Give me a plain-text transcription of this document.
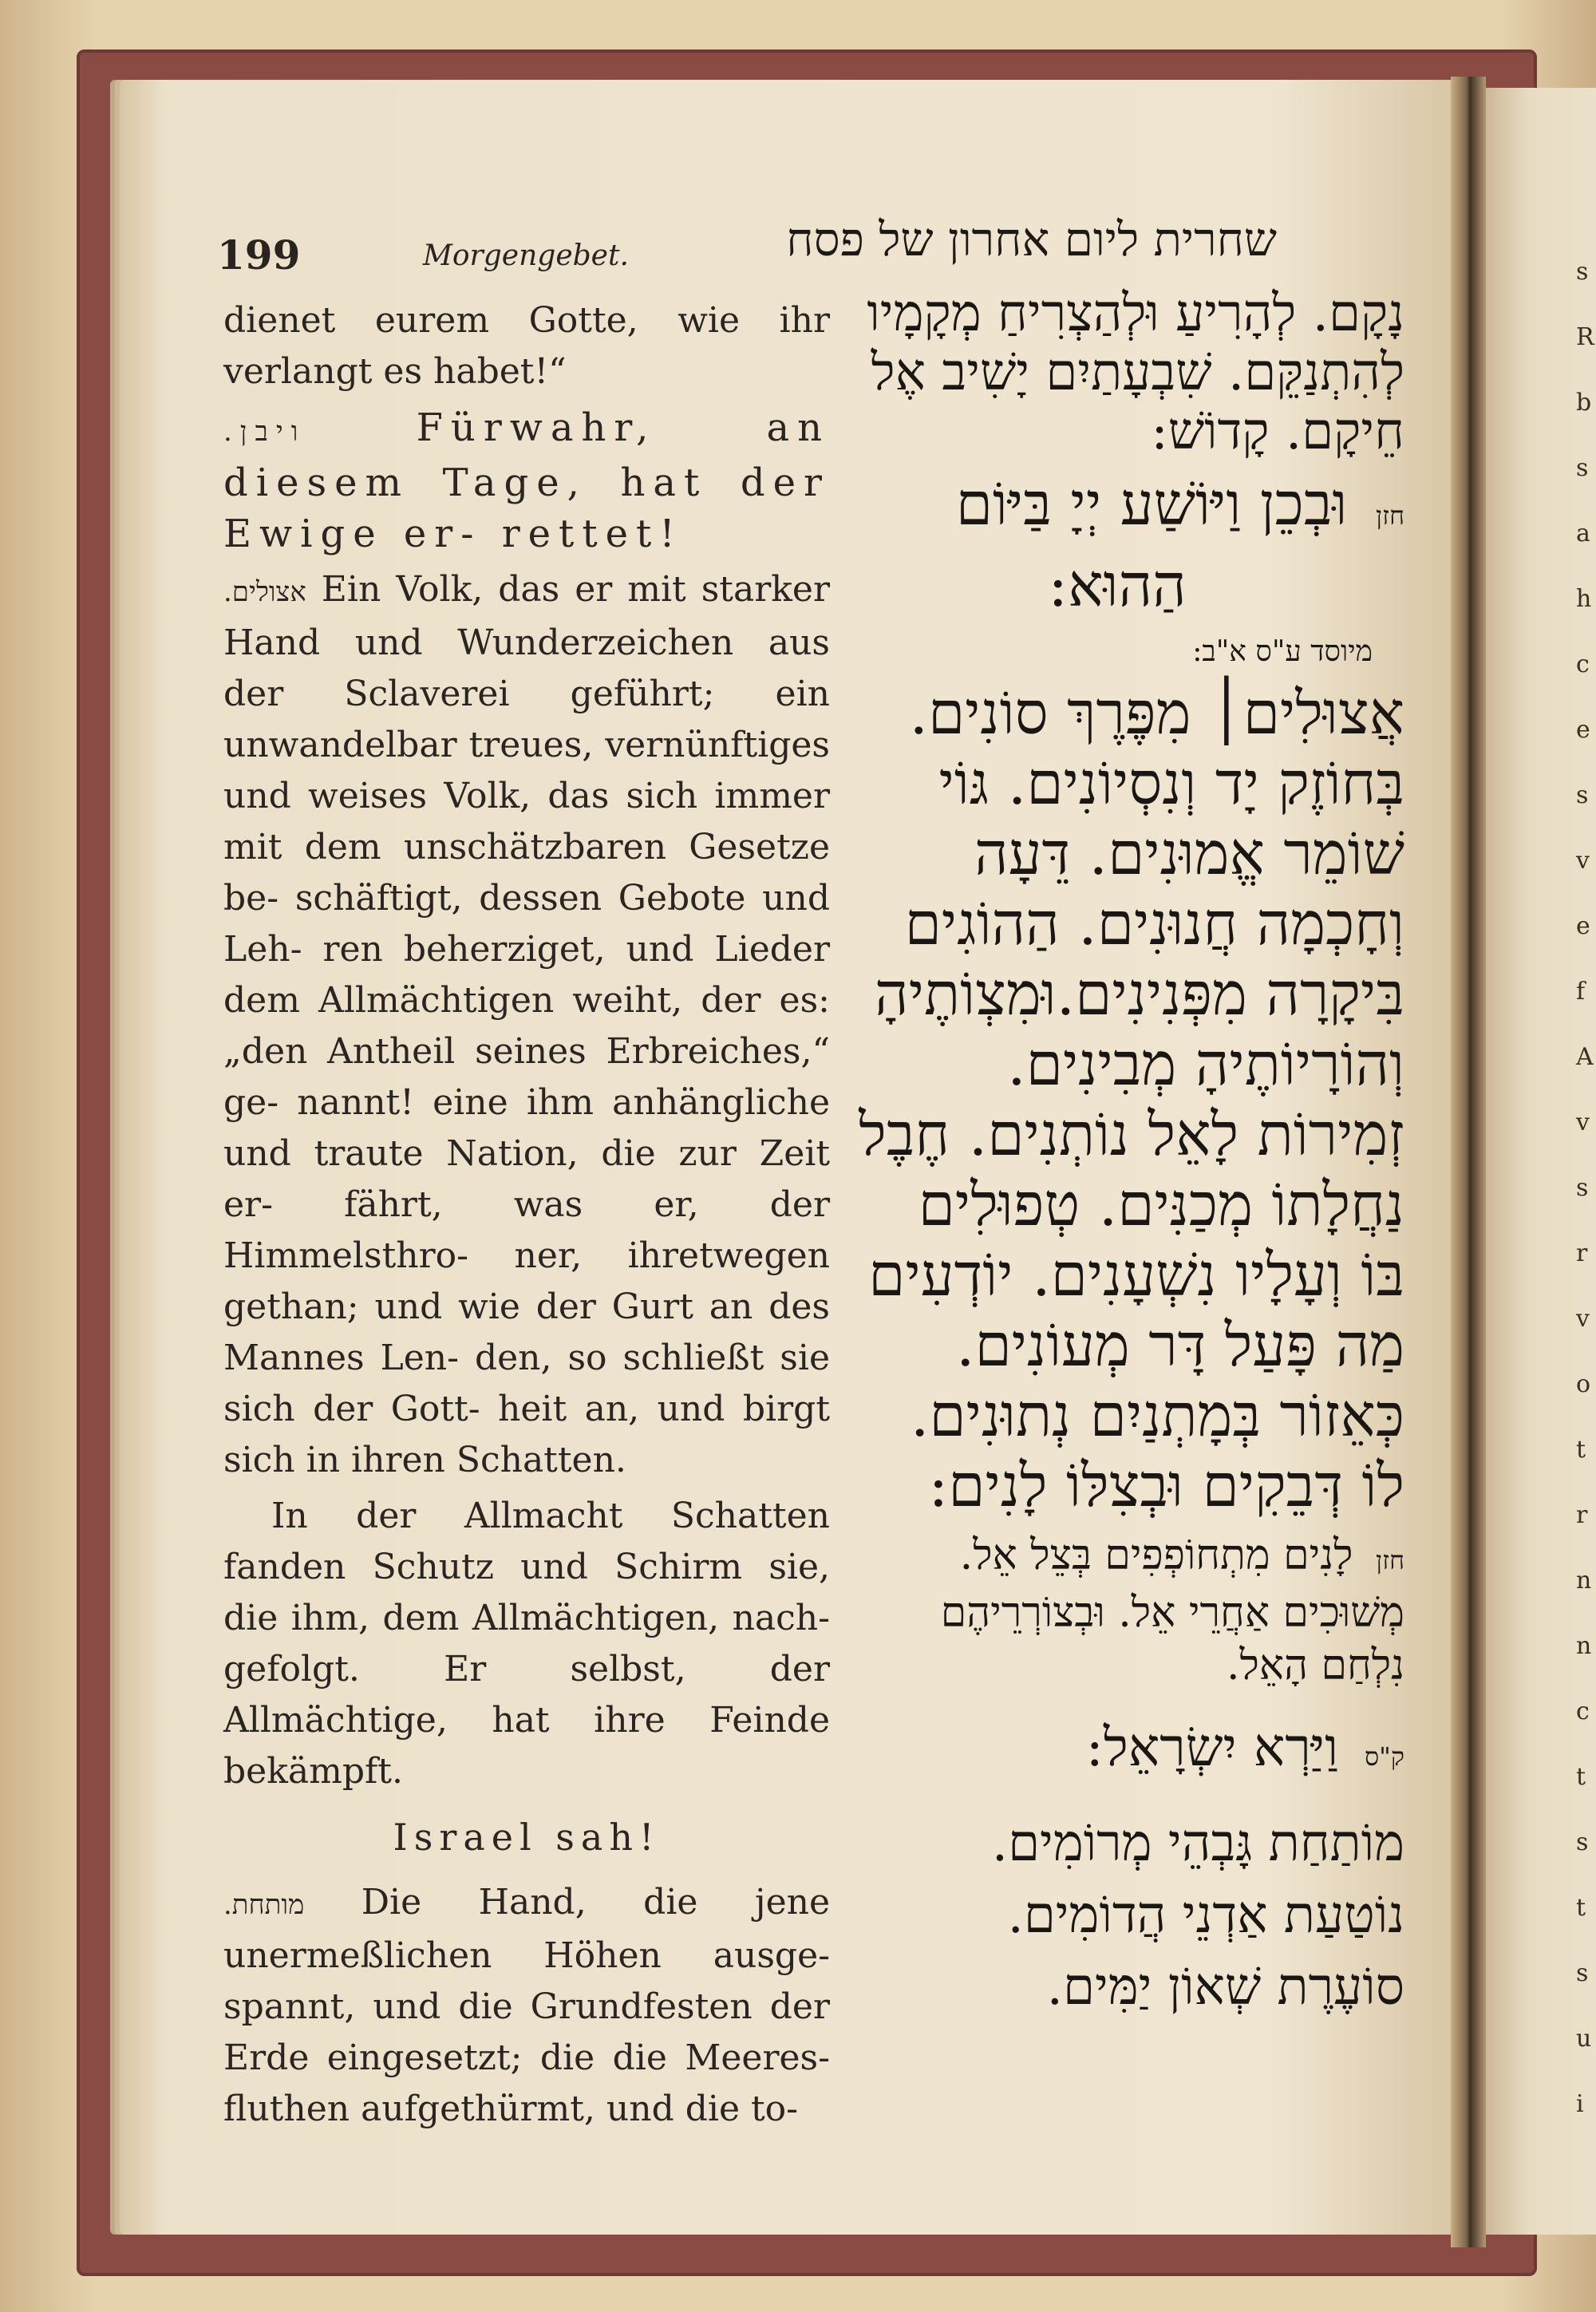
s
R
b
s
a
h
c
e
s
v
e
f
A
v
s
r
v
o
t
r
n
n
c
t
s
t
s
u
i
199	Morgengebet.	שחרית ליום אחרון של פסח

dienet eurem Gotte, wie ihr verlangt es habet!“

ויבן.	Fürwahr, an diesem Tage, hat der Ewige er- rettet!

אצולים. Ein Volk, das er mit starker Hand und Wunderzeichen aus der Sclaverei geführt; ein unwandelbar treues, vernünftiges und weises Volk, das sich immer mit dem unschätzbaren Gesetze be- schäftigt, dessen Gebote und Leh- ren beherziget, und Lieder dem Allmächtigen weiht, der es: „den Antheil seines Erbreiches,“ ge- nannt! eine ihm anhängliche und traute Nation, die zur Zeit er- fährt, was er, der Himmelsthro- ner, ihretwegen gethan; und wie der Gurt an des Mannes Len- den, so schließt sie sich der Gott- heit an, und birgt sich in ihren Schatten.

In der Allmacht Schatten fanden Schutz und Schirm sie, die ihm, dem Allmächtigen, nach- gefolgt. Er selbst, der Allmächtige, hat ihre Feinde bekämpft.

Israel sah!

מותחת. Die Hand, die jene unermeßlichen Höhen ausge- spannt, und die Grundfesten der Erde eingesetzt; die die Meeres- fluthen aufgethürmt, und die to-

נָקָם. לְהָרִיעַ וּלְהַצְרִיחַ מְקָמָיו
לְהִתְנַקֵּם. שִׁבְעָתַיִם יָשִׁיב אֶל
חֵיקָם. קָדוֹשׁ:
חזן וּבְכֵן וַיּוֹשַׁע יְיָ בַּיּוֹם
הַהוּא:
מיוסד ע"ס א"ב:
אֲצוּלִים׀ מִפֶּרֶךְ סוֹנִים.
בְּחוֹזֶק יָד וְנִסְיוֹנִים. גּוֹי
שׁוֹמֵר אֱמוּנִים. דֵּעָה
וְחָכְמָה חֲנוּנִים. הַהוֹגִים
בִּיקָרָה מִפְּנִינִים.וּמִצְוֹתֶיהָ
וְהוֹרָיוֹתֶיהָ מְבִינִים.
זְמִירוֹת לָאֵל נוֹתְנִים. חֶבֶל
נַחֲלָתוֹ מְכַנִּים. טְפוּלִים
בּוֹ וְעָלָיו נִשְׁעָנִים. יוֹדְעִים
מַה פָּעַל דָּר מְעוֹנִים.
כְּאֵזוֹר בְּמָתְנַיִם נְתוּנִים.
לוֹ דְּבֵקִים וּבְצִלּוֹ לָנִים:
חזן לָנִים מִתְחוֹפְפִים בְּצֵל אֵל.
מְשׁוּכִים אַחֲרֵי אֵל. וּבְצוֹרְרֵיהֶם
נִלְחַם הָאֵל.
ק"ס וַיַּרְא יִשְׂרָאֵל:
מוֹתַחַת גָּבְהֵי מְרוֹמִים.
נוֹטַעַת אַדְנֵי הֲדוֹמִים.
סוֹעֶרֶת שְׁאוֹן יַמִּים.
